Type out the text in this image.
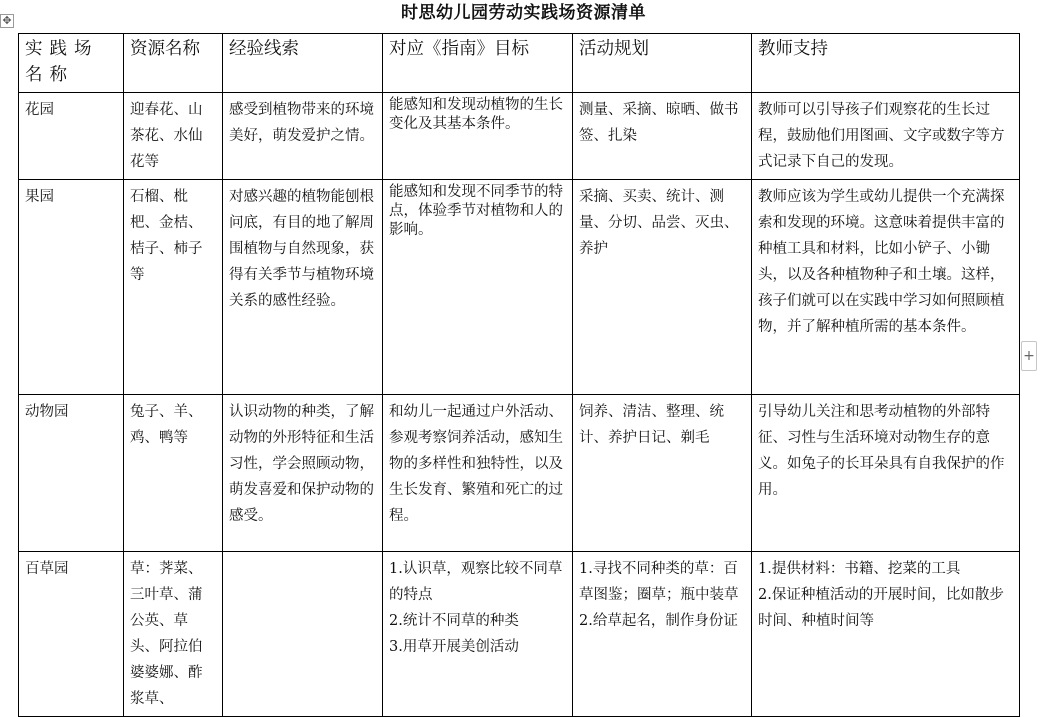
✥	时思幼儿园劳动实践场资源清单
实践场名称	资源名称	经验线索	对应《指南》目标	活动规划	教师支持
花园	迎春花、山茶花、水仙花等	感受到植物带来的环境美好，萌发爱护之情。	能感知和发现动植物的生长变化及其基本条件。	测量、采摘、晾晒、做书签、扎染	教师可以引导孩子们观察花的生长过程，鼓励他们用图画、文字或数字等方式记录下自己的发现。
果园	石榴、枇杷、金桔、桔子、柿子等	对感兴趣的植物能刨根问底，有目的地了解周围植物与自然现象，获得有关季节与植物环境关系的感性经验。	能感知和发现不同季节的特点，体验季节对植物和人的影响。	采摘、买卖、统计、测量、分切、品尝、灭虫、养护	教师应该为学生或幼儿提供一个充满探索和发现的环境。这意味着提供丰富的种植工具和材料，比如小铲子、小锄头，以及各种植物种子和土壤。这样，孩子们就可以在实践中学习如何照顾植物，并了解种植所需的基本条件。
动物园	兔子、羊、鸡、鸭等	认识动物的种类，了解动物的外形特征和生活习性，学会照顾动物，萌发喜爱和保护动物的感受。	和幼儿一起通过户外活动、参观考察饲养活动，感知生物的多样性和独特性，以及生长发育、繁殖和死亡的过程。	饲养、清洁、整理、统计、养护日记、剃毛	引导幼儿关注和思考动植物的外部特征、习性与生活环境对动物生存的意义。如兔子的长耳朵具有自我保护的作用。
百草园	草：荠菜、三叶草、蒲公英、草头、阿拉伯婆婆娜、酢浆草、		1.认识草，观察比较不同草的特点
2.统计不同草的种类
3.用草开展美创活动	1.寻找不同种类的草：百草图鉴；圈草；瓶中装草
2.给草起名，制作身份证	1.提供材料：书籍、挖菜的工具
2.保证种植活动的开展时间，比如散步时间、种植时间等
+
